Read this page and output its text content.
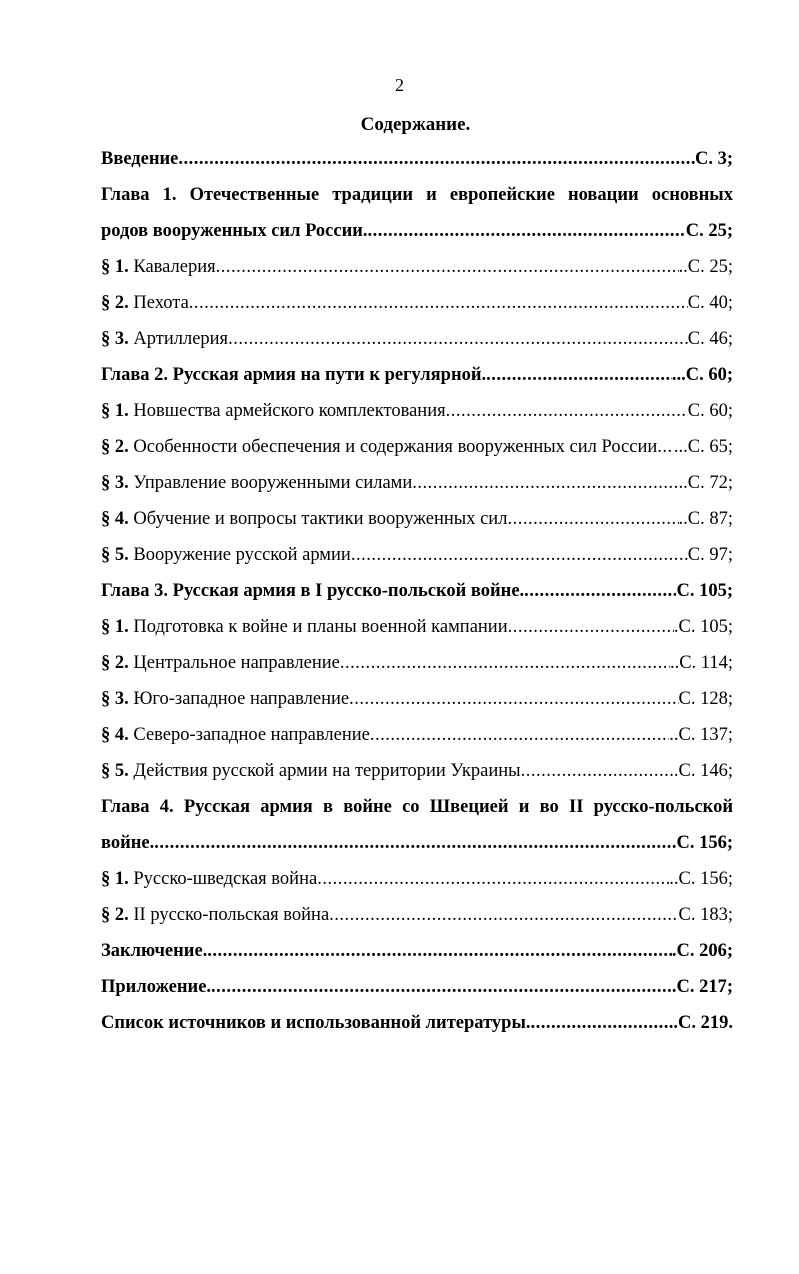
2
Содержание.
Введение .....	С. 3;
Глава 1. Отечественные традиции и европейские новации основных
родов вооруженных сил России. .....	С. 25;
§ 1. Кавалерия .....	..С. 25;
§ 2. Пехота .....	С. 40;
§ 3. Артиллерия .....	С. 46;
Глава 2. Русская армия на пути к регулярной. .....	...С. 60;
§ 1. Новшества армейского комплектования .....	С. 60;
§ 2. Особенности обеспечения и содержания вооруженных сил России ..... ...С. 65;
§ 3. Управление вооруженными силами .....	..С. 72;
§ 4. Обучение и вопросы тактики вооруженных сил .....	..С. 87;
§ 5. Вооружение русской армии .....	С. 97;
Глава 3. Русская армия в I русско-польской войне. .....	С. 105;
§ 1. Подготовка к войне и планы военной кампании .....	.С. 105;
§ 2. Центральное направление .....	..С. 114;
§ 3. Юго-западное направление .....	С. 128;
§ 4. Северо-западное направление .....	..С. 137;
§ 5. Действия русской армии на территории Украины .....	..С. 146;
Глава 4. Русская армия в войне со Швецией и во II русско-польской
войне. .....	С. 156;
§ 1. Русско-шведская война .....	..С. 156;
§ 2. II русско-польская война .....	С. 183;
Заключение. .....	.С. 206;
Приложение. .....	.С. 217;
Список источников и использованной литературы. .....	..С. 219.
